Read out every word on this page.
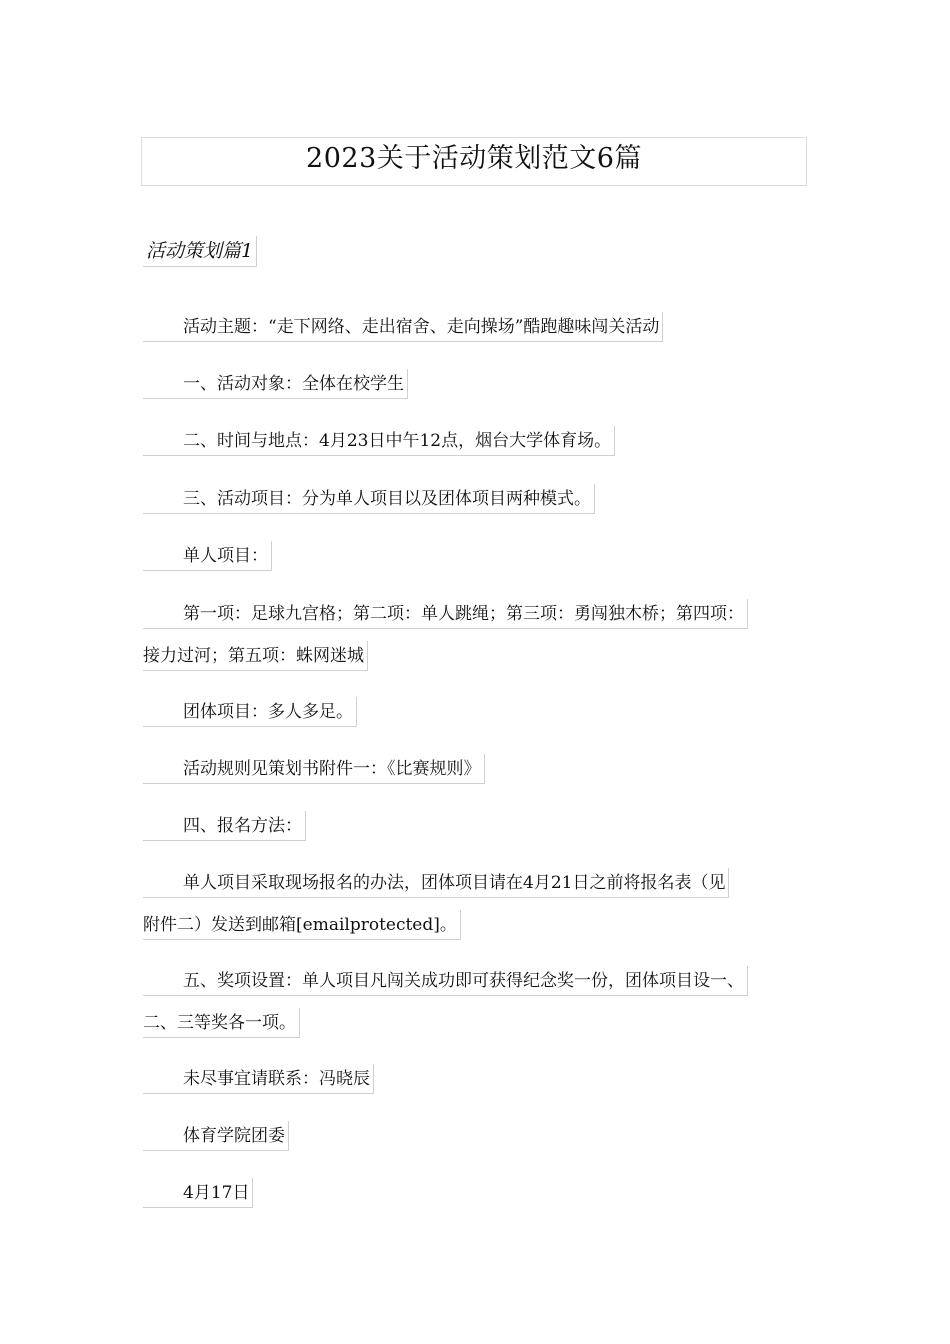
2023关于活动策划范文6篇
活动策划篇1
活动主题：“走下网络、走出宿舍、走向操场”酷跑趣味闯关活动
一、活动对象：全体在校学生
二、时间与地点：4月23日中午12点，烟台大学体育场。
三、活动项目：分为单人项目以及团体项目两种模式。
单人项目：
第一项：足球九宫格；第二项：单人跳绳；第三项：勇闯独木桥；第四项：
接力过河；第五项：蛛网迷城
团体项目：多人多足。
活动规则见策划书附件一：《比赛规则》
四、报名方法：
单人项目采取现场报名的办法，团体项目请在4月21日之前将报名表（见
附件二）发送到邮箱[emailprotected]。
五、奖项设置：单人项目凡闯关成功即可获得纪念奖一份，团体项目设一、
二、三等奖各一项。
未尽事宜请联系：冯晓辰
体育学院团委
4月17日
